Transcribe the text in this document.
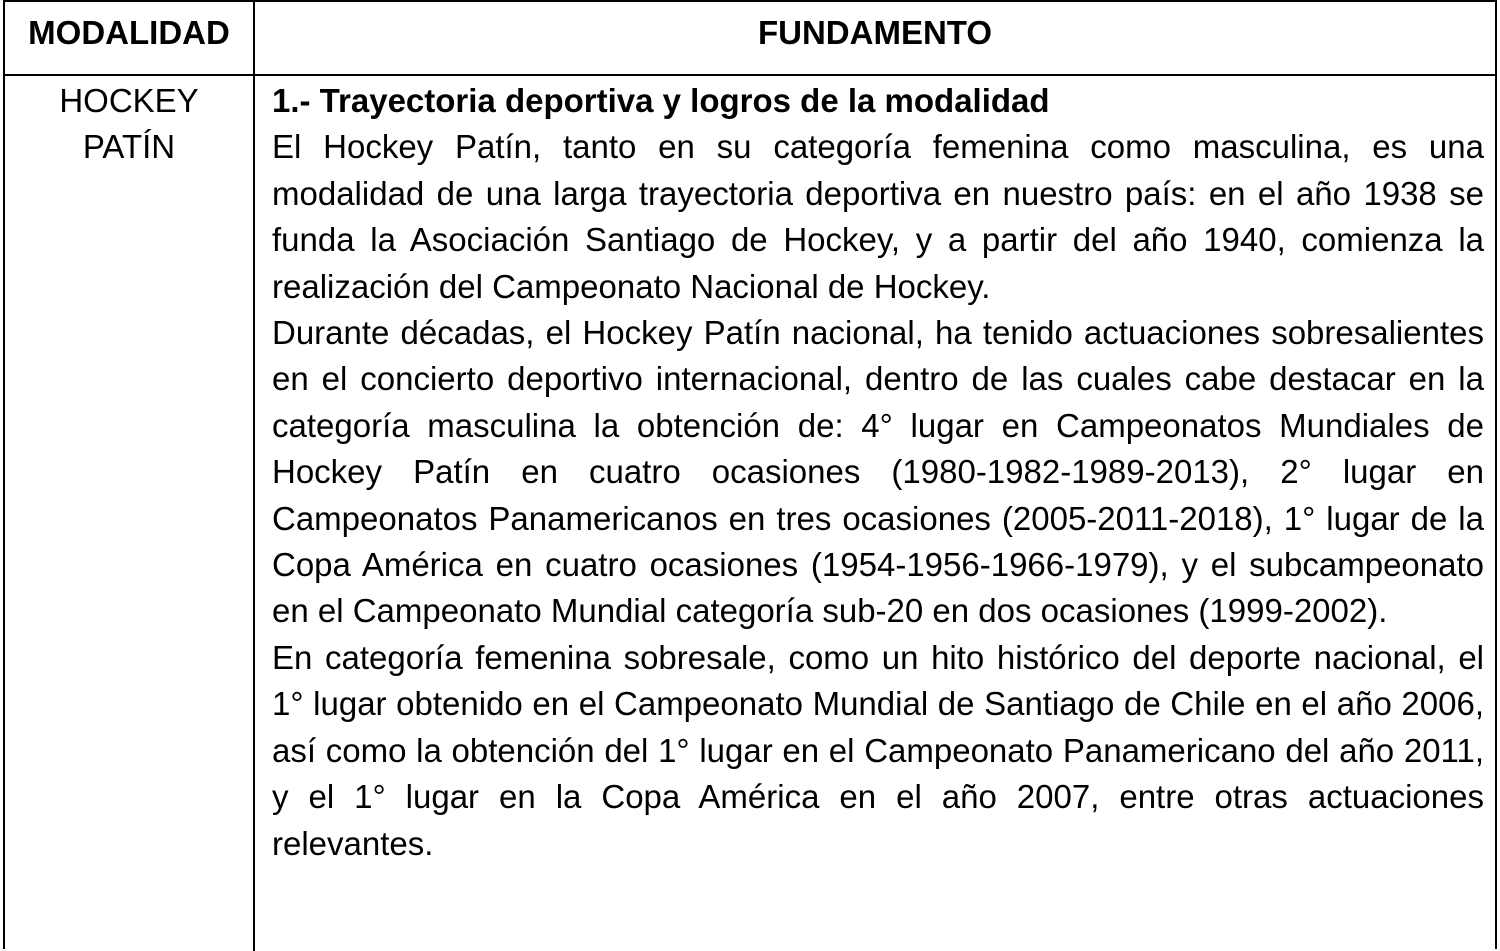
MODALIDAD	FUNDAMENTO
HOCKEY
PATÍN
1.- Trayectoria deportiva y logros de la modalidad

El Hockey Patín, tanto en su categoría femenina como masculina, es una modalidad de una larga trayectoria deportiva en nuestro país: en el año 1938 se funda la Asociación Santiago de Hockey, y a partir del año 1940, comienza la realización del Campeonato Nacional de Hockey.

Durante décadas, el Hockey Patín nacional, ha tenido actuaciones sobresalientes en el concierto deportivo internacional, dentro de las cuales cabe destacar en la categoría masculina la obtención de: 4° lugar en Campeonatos Mundiales de Hockey Patín en cuatro ocasiones (1980-1982-1989-2013), 2° lugar en Campeonatos Panamericanos en tres ocasiones (2005-2011-2018), 1° lugar de la Copa América en cuatro ocasiones (1954-1956-1966-1979), y el subcampeonato en el Campeonato Mundial categoría sub-20 en dos ocasiones (1999-2002).

En categoría femenina sobresale, como un hito histórico del deporte nacional, el 1° lugar obtenido en el Campeonato Mundial de Santiago de Chile en el año 2006, así como la obtención del 1° lugar en el Campeonato Panamericano del año 2011, y el 1° lugar en la Copa América en el año 2007, entre otras actuaciones relevantes.
